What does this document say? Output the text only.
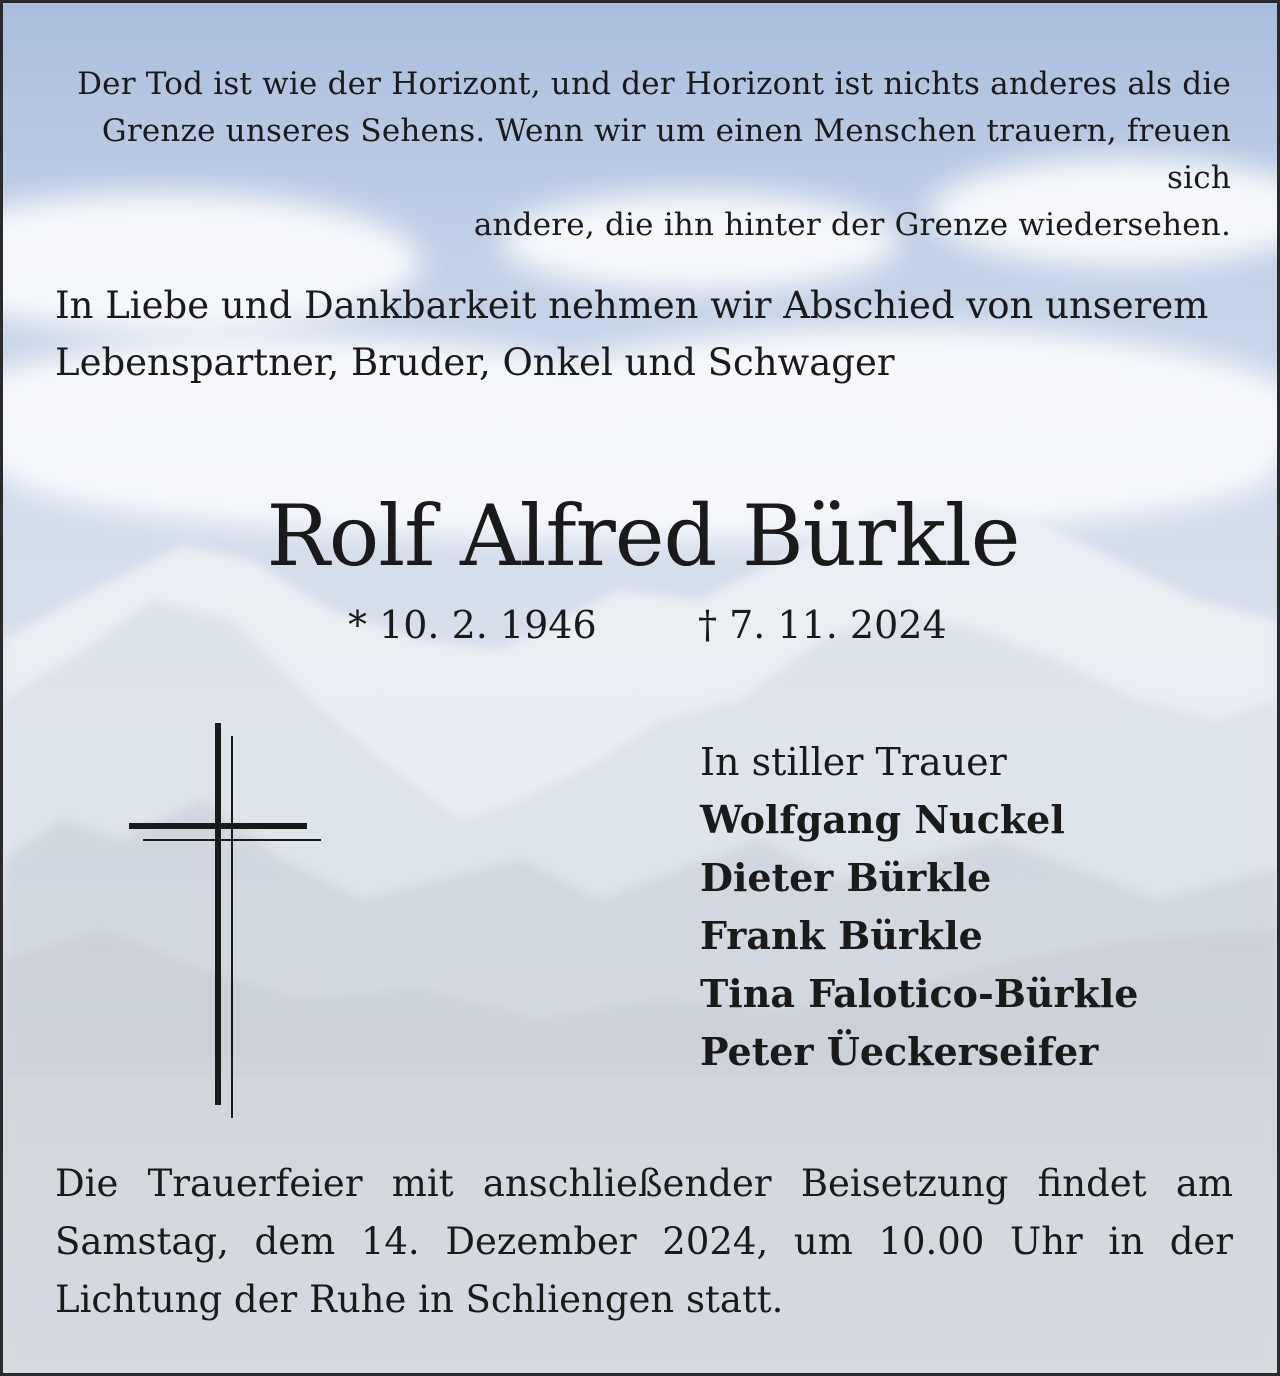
Der Tod ist wie der Horizont, und der Horizont ist nichts anderes als die
Grenze unseres Sehens. Wenn wir um einen Menschen trauern, freuen sich
andere, die ihn hinter der Grenze wiedersehen.
In Liebe und Dankbarkeit nehmen wir Abschied von unserem
Lebenspartner, Bruder, Onkel und Schwager
Rolf Alfred Bürkle
* 10. 2. 1946	† 7. 11. 2024
In stiller Trauer
Wolfgang Nuckel
Dieter Bürkle
Frank Bürkle
Tina Falotico-Bürkle
Peter Üeckerseifer
Die Trauerfeier mit anschließender Beisetzung findet am Samstag, dem 14. Dezember 2024, um 10.00 Uhr in der Lichtung der Ruhe in Schliengen statt.
